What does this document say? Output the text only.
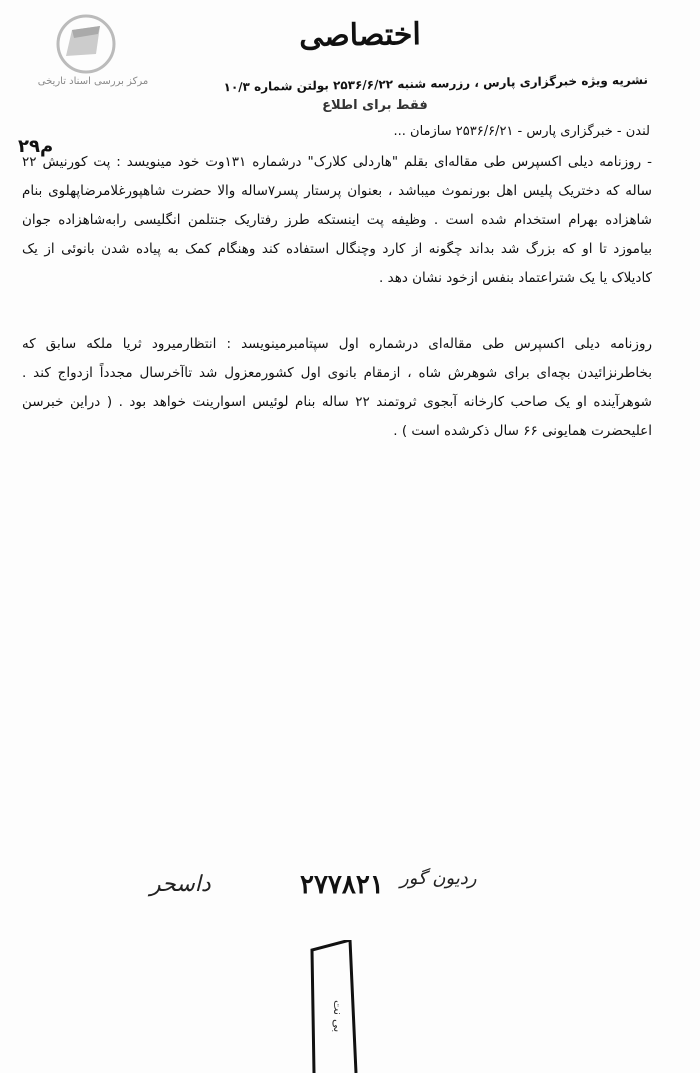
مرکز بررسی اسناد تاریخی
اختصاصی
نشریه ویژه خبرگزاری پارس ، رزرسه شنبه ۲۵۳۶/۶/۲۲ بولتن شماره ۱۰/۳
فقط برای اطلاع
لندن - خبرگزاری پارس - ۲۵۳۶/۶/۲۱ سازمان ...
۲۹م
- روزنامه دیلی اکسپرس طی مقاله‌ای بقلم "هاردلی کلارک" درشماره ۱۳۱وت خود مینویسد : پت کورنیش ۲۲ ساله که دختریک پلیس اهل بورنموث میباشد ، بعنوان پرستار پسر۷ساله والا حضرت شاهپورغلامرضاپهلوی بنام شاهزاده بهرام استخدام شده است . وظیفه پت اینستکه طرز رفتاریک جنتلمن انگلیسی رابه‌شاهزاده جوان بیاموزد تا او که بزرگ شد بداند چگونه از کارد وچنگال استفاده کند وهنگام کمک به پیاده شدن بانوئی از یک کادیلاک یا یک شتراعتماد بنفس ازخود نشان دهد .
روزنامه دیلی اکسپرس طی مقاله‌ای درشماره اول سپتامبرمینویسد : انتظارمیرود ثریا ملکه سابق که بخاطرنزائیدن بچه‌ای برای شوهرش شاه ، ازمقام بانوی اول کشورمعزول شد تاآخرسال مجدداً ازدواج کند . شوهرآینده او یک صاحب کارخانه آبجوی ثروتمند ۲۲ ساله بنام لوئیس اسوارینت خواهد بود . ( دراین خبرسن اعلیحضرت همایونی ۶۶ سال ذکرشده است ) .
ردیون گور
۲۷۷۸۲۱
داسحر
بی نت
